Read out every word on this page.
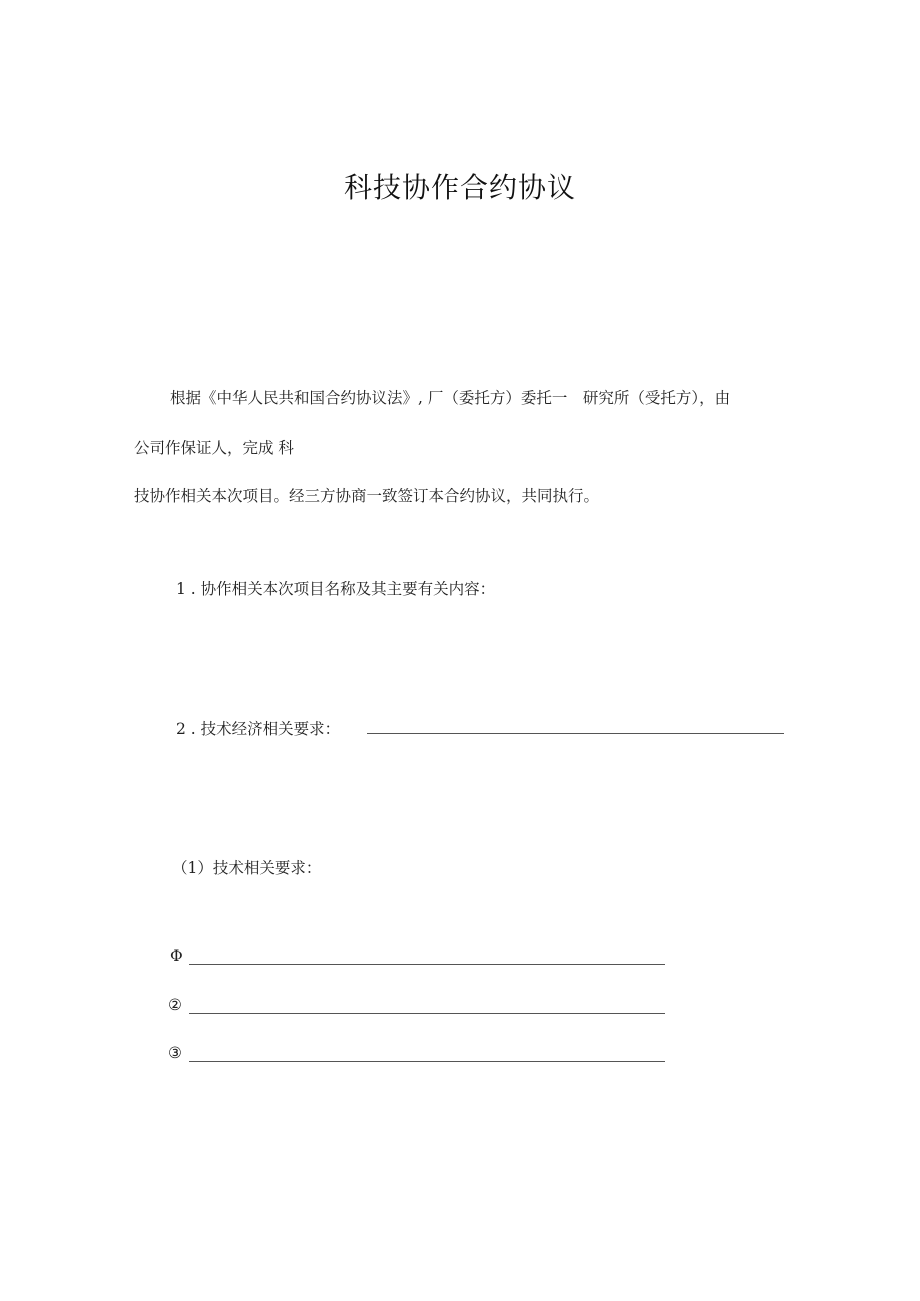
科技协作合约协议
根据《中华人民共和国合约协议法》, 厂（委托方）委托一　研究所（受托方），由
公司作保证人，完成 科
技协作相关本次项目。经三方协商一致签订本合约协议，共同执行。
1 . 协作相关本次项目名称及其主要有关内容：
2 . 技术经济相关要求：
（1）技术相关要求：
Φ
②
③
